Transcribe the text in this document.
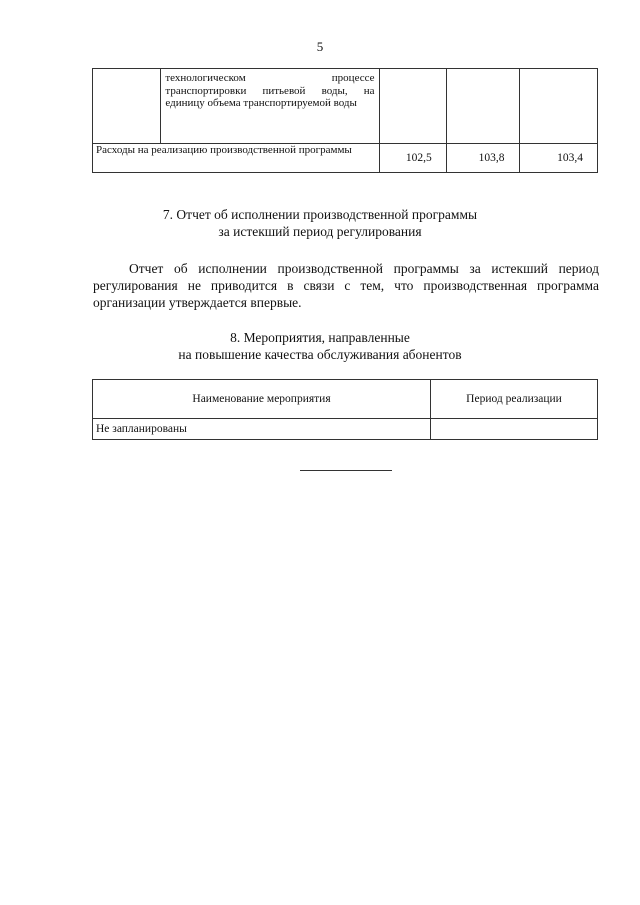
5
	технологическом процессе транспортировки питьевой воды, на единицу объема транспортируемой воды			
Расходы на реализацию производственной программы		102,5	103,8	103,4
7. Отчет об исполнении производственной программы
за истекший период регулирования
Отчет об исполнении производственной программы за истекший период регулирования не приводится в связи с тем, что производственная программа организации утверждается впервые.
8. Мероприятия, направленные
на повышение качества обслуживания абонентов
Наименование мероприятия	Период реализации
Не запланированы	
